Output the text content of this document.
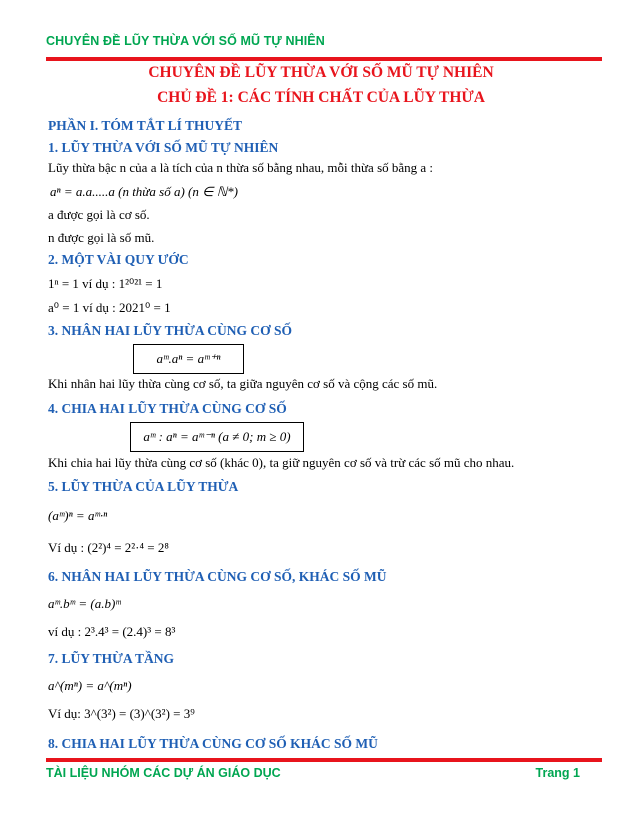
CHUYÊN ĐỀ LŨY THỪA VỚI SỐ MŨ TỰ NHIÊN
CHUYÊN ĐỀ LŨY THỪA VỚI SỐ MŨ TỰ NHIÊN
CHỦ ĐỀ 1: CÁC TÍNH CHẤT CỦA LŨY THỪA
PHẦN I. TÓM TẮT LÍ THUYẾT
1. LŨY THỪA VỚI SỐ MŨ TỰ NHIÊN
Lũy thừa bậc n của a là tích của n thừa số bằng nhau, mỗi thừa số bằng a :
aⁿ = a.a.....a (n thừa số a) (n ∈ ℕ*)
a được gọi là cơ số.
n được gọi là số mũ.
2. MỘT VÀI QUY ƯỚC
1ⁿ = 1 ví dụ : 1²⁰²¹ = 1
a⁰ = 1 ví dụ : 2021⁰ = 1
3. NHÂN HAI LŨY THỪA CÙNG CƠ SỐ
aᵐ.aⁿ = aᵐ⁺ⁿ
Khi nhân hai lũy thừa cùng cơ số, ta giữa nguyên cơ số và cộng các số mũ.
4. CHIA HAI LŨY THỪA CÙNG CƠ SỐ
aᵐ : aⁿ = aᵐ⁻ⁿ (a ≠ 0; m ≥ 0)
Khi chia hai lũy thừa cùng cơ số (khác 0), ta giữ nguyên cơ số và trừ các số mũ cho nhau.
5. LŨY THỪA CỦA LŨY THỪA
(aᵐ)ⁿ = aᵐ·ⁿ
Ví dụ : (2²)⁴ = 2²·⁴ = 2⁸
6. NHÂN HAI LŨY THỪA CÙNG CƠ SỐ, KHÁC SỐ MŨ
aᵐ.bᵐ = (a.b)ᵐ
ví dụ : 2³.4³ = (2.4)³ = 8³
7. LŨY THỪA TẦNG
a^(mⁿ) = a^(mⁿ)
Ví dụ: 3^(3²) = (3)^(3²) = 3⁹
8. CHIA HAI LŨY THỪA CÙNG CƠ SỐ KHÁC SỐ MŨ
TÀI LIỆU NHÓM CÁC DỰ ÁN GIÁO DỤC	Trang 1
